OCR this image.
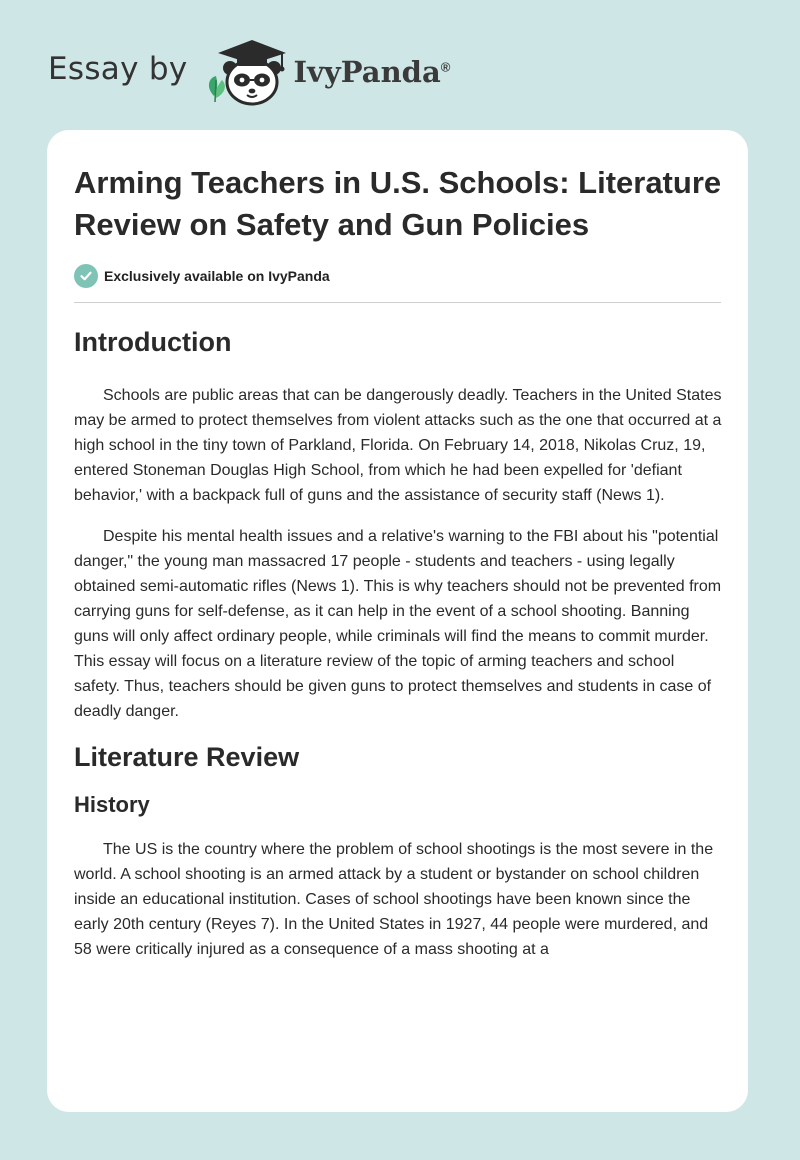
Essay by	IvyPanda®
Arming Teachers in U.S. Schools: Literature Review on Safety and Gun Policies
Exclusively available on IvyPanda
Introduction

Schools are public areas that can be dangerously deadly. Teachers in the United States may be armed to protect themselves from violent attacks such as the one that occurred at a high school in the tiny town of Parkland, Florida. On February 14, 2018, Nikolas Cruz, 19, entered Stoneman Douglas High School, from which he had been expelled for 'defiant behavior,' with a backpack full of guns and the assistance of security staff (News 1).

Despite his mental health issues and a relative's warning to the FBI about his "potential danger," the young man massacred 17 people - students and teachers - using legally obtained semi-automatic rifles (News 1). This is why teachers should not be prevented from carrying guns for self-defense, as it can help in the event of a school shooting. Banning guns will only affect ordinary people, while criminals will find the means to commit murder. This essay will focus on a literature review of the topic of arming teachers and school safety. Thus, teachers should be given guns to protect themselves and students in case of deadly danger.

Literature Review
History

The US is the country where the problem of school shootings is the most severe in the world. A school shooting is an armed attack by a student or bystander on school children inside an educational institution. Cases of school shootings have been known since the early 20th century (Reyes 7). In the United States in 1927, 44 people were murdered, and 58 were critically injured as a consequence of a mass shooting at a
